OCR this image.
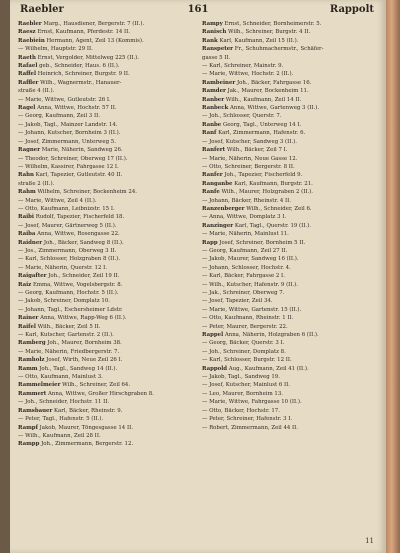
Raebler	161	Rappolt
Raebler Marg., Hausdiener, Bergerstr. 7 (II.).
Raesz Ernst, Kaufmann, Pferdestr. 14 II.
Raebiein Hermann, Agent, Zeil 13 (Kommis).
— Wilhelm, Hauptstr. 29 II.
Raeth Ernst, Vergolder, Mittelweg 225 (II.).
Rafael geb., Schneider, Haus. 6 (II.).
Raffel Heinrich, Schreiner, Burgstr. 9 II.
Raffler Wilh., Wagnermstr., Hanauer-
straße 4 (II.).
— Marie, Wittwe, Gutleutstr. 26 I.
Ragel Anna, Wittwe, Hochstr. 57 II.
— Georg, Kaufmann, Zeil 3 II.
— Jakob, Tagl., Mainzer Landstr. 14.
— Johann, Kutscher, Bornheim 3 (II.).
— Josef, Zimmermann, Unterweg 5.
Ragner Marie, Näherin, Sandweg 26.
— Theodor, Schreiner, Oberweg 17 (II.).
— Wilhelm, Kassirer, Fahrgasse 12 I.
Rahn Karl, Tapezier, Gutleutstr. 40 II.
straße 2 (II.).
Rahm Wilhelm, Schreiner, Bockenheim 24.
— Marie, Wittwe, Zeil 4 (II.).
— Otto, Kaufmann, Leibnizstr. 15 I.
Raibi Rudolf, Tapezier, Fischerfeld 18.
— Josef, Maurer, Gärtnerweg 5 (II.).
Raiba Anna, Wittwe, Rosengasse 22.
Raidner Joh., Bäcker, Sandweg 8 (II.).
— Jos., Zimmermann, Oberweg 3 II.
— Karl, Schlosser, Holzgraben 8 (II.).
— Marie, Näherin, Querstr. 12 I.
Raigafter Joh., Schneider, Zeil 19 II.
Raiz Emma, Wittwe, Vogelsbergstr. 8.
— Georg, Kaufmann, Hochstr. 5 (II.).
— Jakob, Schreiner, Domplatz 10.
— Johann, Tagl., Eschersheimer Ldstr.
Rainer Anna, Wittwe, Rapp-Weg 6 (II.).
Raifel Wilh., Bäcker, Zeil 5 II.
— Karl, Kutscher, Gartenstr. 2 (II.).
Ramberg Joh., Maurer, Bornheim 38.
— Marie, Näherin, Friedbergerstr. 7.
Ramholz Josef, Wirth, Neue Zeil 26 I.
Ramm Joh., Tagl., Sandweg 14 (II.).
— Otto, Kaufmann, Mainlust 3.
Rammelmeier Wilh., Schreiner, Zeil 64.
Rammert Anna, Wittwe, Großer Hirschgraben 8.
— Joh., Schneider, Hochstr. 11 II.
Ramsbauer Karl, Bäcker, Rheinstr. 9.
— Peter, Tagl., Hafenstr. 5 (II.).
Rampf Jakob, Maurer, Töngesgasse 14 II.
— Wilh., Kaufmann, Zeil 28 II.
Rampp Joh., Zimmermann, Bergerstr. 12.
Rampy Ernst, Schneider, Bornheimerstr. 5.
Ranisch Wilh., Schreiner, Burgstr. 4 II.
Rank Karl, Kaufmann, Zeil 15 (II.).
Ranspeter Fr., Schuhmachermstr., Schäfer-
gasse 5 II.
— Karl, Schreiner, Mainstr. 9.
— Marie, Wittwe, Hochstr. 2 (II.).
Rambeiner Joh., Bäcker, Fahrgasse 16.
Ramder Jak., Maurer, Bockenheim 11.
Ranber Wilh., Kaufmann, Zeil 14 II.
Ranbeck Anna, Wittwe, Gartenweg 3 (II.).
— Joh., Schlosser, Querstr. 7.
Ranbe Georg, Tagl., Unterweg 14 I.
Ranf Karl, Zimmermann, Hafenstr. 6.
— Josef, Kutscher, Sandweg 3 (II.).
Ranfert Wilh., Bäcker, Zeil 7 I.
— Marie, Näherin, Neue Gasse 12.
— Otto, Schreiner, Bergerstr. 8 II.
Ranfer Joh., Tapezier, Fischerfeld 9.
Ranganbe Karl, Kaufmann, Burgstr. 21.
Ranfe Wilh., Maurer, Holzgraben 2 (II.).
— Johann, Bäcker, Rheinstr. 4 II.
Ranzenberger Wilh., Schneider, Zeil 6.
— Anna, Wittwe, Domplatz 3 I.
Ranzinger Karl, Tagl., Querstr. 19 (II.).
— Marie, Näherin, Mainlust 11.
Rapp Josef, Schreiner, Bornheim 5 II.
— Georg, Kaufmann, Zeil 27 II.
— Jakob, Maurer, Sandweg 16 (II.).
— Johann, Schlosser, Hochstr. 4.
— Karl, Bäcker, Fahrgasse 2 I.
— Wilh., Kutscher, Hafenstr. 9 (II.).
— Jak., Schreiner, Oberweg 7.
— Josef, Tapezier, Zeil 34.
— Marie, Wittwe, Gartenstr. 15 (II.).
— Otto, Kaufmann, Rheinstr. 1 II.
— Peter, Maurer, Bergerstr. 22.
Rappel Anna, Näherin, Holzgraben 6 (II.).
— Georg, Bäcker, Querstr. 3 I.
— Joh., Schreiner, Domplatz 8.
— Karl, Schlosser, Burgstr. 12 II.
Rappold Aug., Kaufmann, Zeil 41 (II.).
— Jakob, Tagl., Sandweg 19.
— Josef, Kutscher, Mainlust 6 II.
— Leo, Maurer, Bornheim 13.
— Marie, Wittwe, Fahrgasse 10 (II.).
— Otto, Bäcker, Hochstr. 17.
— Peter, Schreiner, Hafenstr. 3 I.
— Robert, Zimmermann, Zeil 44 II.
11
